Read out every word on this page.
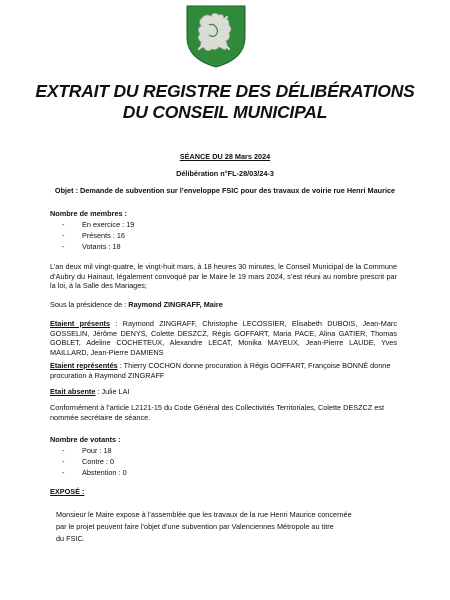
EXTRAIT DU REGISTRE DES DÉLIBÉRATIONS
DU CONSEIL MUNICIPAL
SÉANCE DU 28 Mars 2024
Délibération n°FL-28/03/24-3
Objet : Demande de subvention sur l’enveloppe FSIC pour des travaux de voirie rue Henri Maurice
Nombre de membres :
- En exercice : 19
- Présents : 16
- Votants : 18
L’an deux mil vingt-quatre, le vingt-huit mars, à 18 heures 30 minutes, le Conseil Municipal de la Commune d’Aubry du Hainaut, légalement convoqué par le Maire le 19 mars 2024, s’est réuni au nombre prescrit par la loi, à la Salle des Mariages;
Sous la présidence de : Raymond ZINGRAFF, Maire
Etaient présents : Raymond ZINGRAFF, Christophe LECOSSIER, Elisabeth DUBOIS, Jean-Marc GOSSELIN, Jérôme DENYS, Colette DESZCZ, Régis GOFFART, Maria PACE, Alina GATIER, Thomas GOBLET, Adeline COCHETEUX, Alexandre LECAT, Monika MAYEUX, Jean-Pierre LAUDE, Yves MAILLARD, Jean-Pierre DAMIENS
Etaient représentés : Thierry COCHON donne procuration à Régis GOFFART, Françoise BONNÉ donne procuration à Raymond ZINGRAFF
Etait absente : Julie LAI
Conformément à l’article L2121-15 du Code Général des Collectivités Territoriales, Colette DESZCZ est nommée secrétaire de séance.
Nombre de votants :
- Pour : 18
- Contre : 0
- Abstention : 0
EXPOSÉ :
Monsieur le Maire expose à l’assemblée que les travaux de la rue Henri Maurice concernée
par le projet peuvent faire l’objet d’une subvention par Valenciennes Métropole au titre
du FSIC.
